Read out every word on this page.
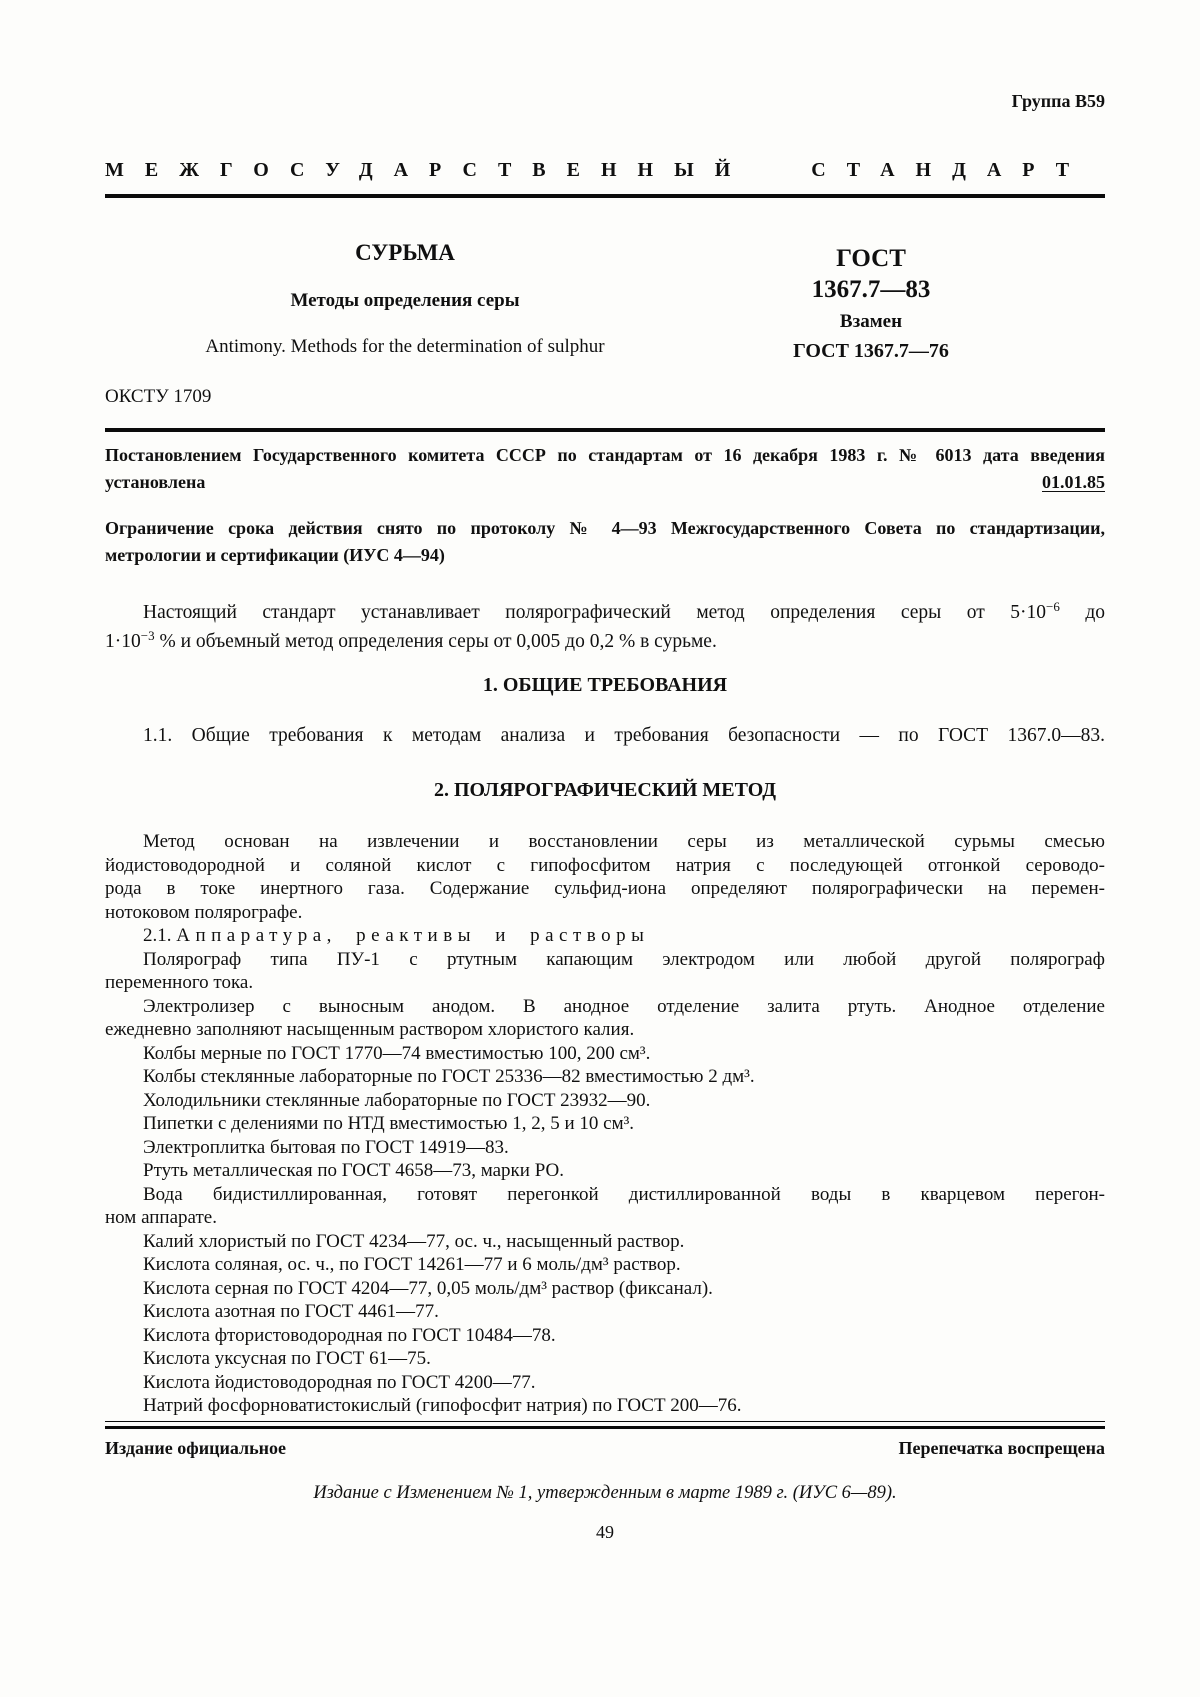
Группа В59
МЕЖГОСУДАРСТВЕННЫЙ СТАНДАРТ
СУРЬМА
Методы определения серы
Antimony. Methods for the determination of sulphur
ГОСТ
1367.7—83
Взамен
ГОСТ 1367.7—76
ОКСТУ 1709
Постановлением Государственного комитета СССР по стандартам от 16 декабря 1983 г. № 6013 дата введения
установлена	01.01.85
Ограничение срока действия снято по протоколу № 4—93 Межгосударственного Совета по стандартизации,
метрологии и сертификации (ИУС 4—94)
Настоящий стандарт устанавливает полярографический метод определения серы от $5\cdot 10^{-6}$ до
$1\cdot 10^{-3}$ % и объемный метод определения серы от 0,005 до 0,2 % в сурьме.
1. ОБЩИЕ ТРЕБОВАНИЯ
1.1. Общие требования к методам анализа и требования безопасности — по ГОСТ 1367.0—83.
2. ПОЛЯРОГРАФИЧЕСКИЙ МЕТОД
Метод основан на извлечении и восстановлении серы из металлической сурьмы смесью
йодистоводородной и соляной кислот с гипофосфитом натрия с последующей отгонкой сероводо-
рода в токе инертного газа. Содержание сульфид-иона определяют полярографически на перемен-
нотоковом полярографе.
2.1. Аппаратура, реактивы и растворы
Полярограф типа ПУ-1 с ртутным капающим электродом или любой другой полярограф
переменного тока.
Электролизер с выносным анодом. В анодное отделение залита ртуть. Анодное отделение
ежедневно заполняют насыщенным раствором хлористого калия.
Колбы мерные по ГОСТ 1770—74 вместимостью 100, 200 см³.
Колбы стеклянные лабораторные по ГОСТ 25336—82 вместимостью 2 дм³.
Холодильники стеклянные лабораторные по ГОСТ 23932—90.
Пипетки с делениями по НТД вместимостью 1, 2, 5 и 10 см³.
Электроплитка бытовая по ГОСТ 14919—83.
Ртуть металлическая по ГОСТ 4658—73, марки РО.
Вода бидистиллированная, готовят перегонкой дистиллированной воды в кварцевом перегон-
ном аппарате.
Калий хлористый по ГОСТ 4234—77, ос. ч., насыщенный раствор.
Кислота соляная, ос. ч., по ГОСТ 14261—77 и 6 моль/дм³ раствор.
Кислота серная по ГОСТ 4204—77, 0,05 моль/дм³ раствор (фиксанал).
Кислота азотная по ГОСТ 4461—77.
Кислота фтористоводородная по ГОСТ 10484—78.
Кислота уксусная по ГОСТ 61—75.
Кислота йодистоводородная по ГОСТ 4200—77.
Натрий фосфорноватистокислый (гипофосфит натрия) по ГОСТ 200—76.
Издание официальное	Перепечатка воспрещена
Издание с Изменением № 1, утвержденным в марте 1989 г. (ИУС 6—89).
49
